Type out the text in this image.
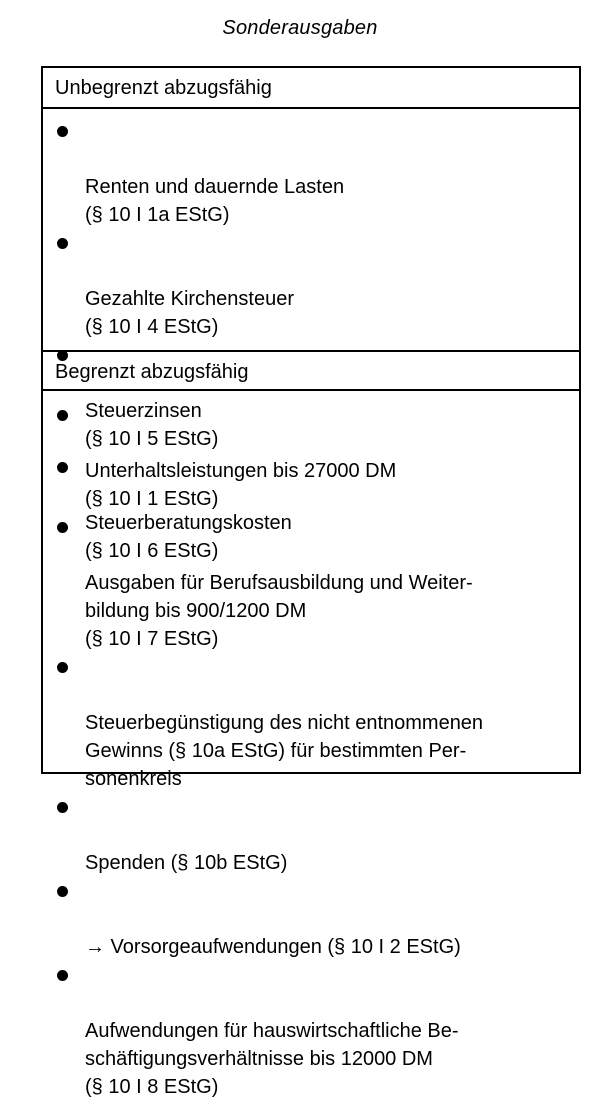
Sonderausgaben
Unbegrenzt abzugsfähig

Renten und dauernde Lasten
(§ 10 I 1a EStG)

Gezahlte Kirchensteuer
(§ 10 I 4 EStG)

Steuerzinsen
(§ 10 I 5 EStG)

Steuerberatungskosten
(§ 10 I 6 EStG)

Begrenzt abzugsfähig

Unterhaltsleistungen bis 27000 DM
(§ 10 I 1 EStG)

Ausgaben für Berufsausbildung und Weiter-
bildung bis 900/1200 DM
(§ 10 I 7 EStG)

Steuerbegünstigung des nicht entnommenen
Gewinns (§ 10a EStG) für bestimmten Per-
sonenkreis

Spenden (§ 10b EStG)

→ Vorsorgeaufwendungen (§ 10 I 2 EStG)

Aufwendungen für hauswirtschaftliche Be-
schäftigungsverhältnisse bis 12000 DM
(§ 10 I 8 EStG)
